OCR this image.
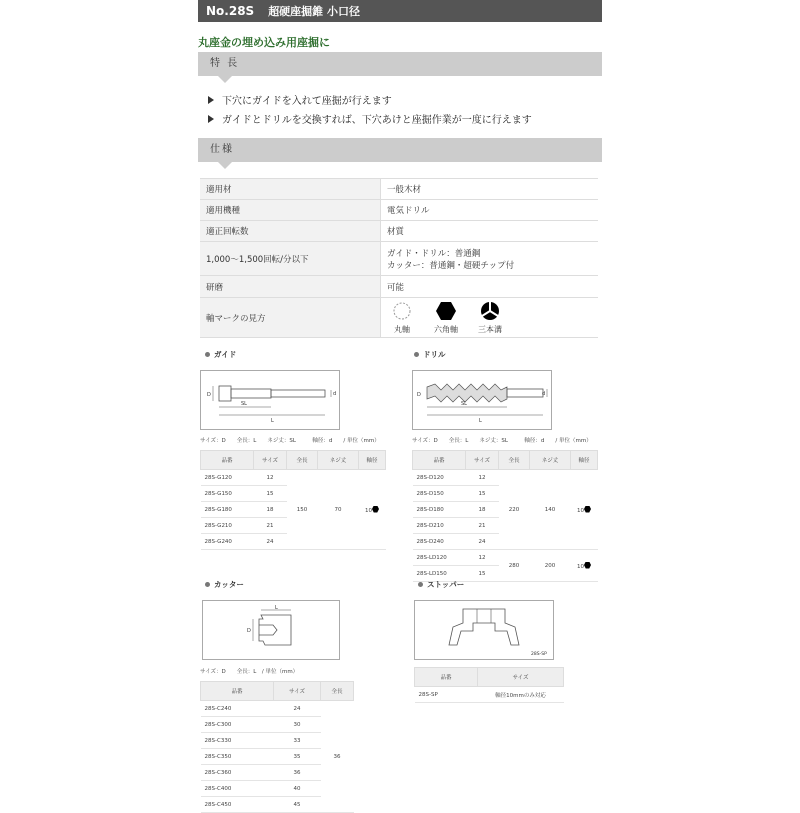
No.28S 超硬座掘錐 小口径
丸座金の埋め込み用座掘に
特 長
下穴にガイドを入れて座掘が行えます
ガイドとドリルを交換すれば、下穴あけと座掘作業が一度に行えます
仕様
適用材	一般木材
適用機種	電気ドリル
適正回転数	材質
1,000～1,500回転/分以下	ガイド・ドリル：普通鋼
カッター：普通鋼・超硬チップ付

研磨	可能
軸マークの見方	丸軸 六角軸 三本溝
ガイド
D
SL
L
d
サイズ：D　　全長：L　　ネジ丈：SL　　　軸径：d　　/ 単位（mm）
品番	サイズ	全長	ネジ丈	軸径
28S-G120	12	150	70	10
28S-G150	15			
28S-G180	18			
28S-G210	21			
28S-G240	24			
ドリル
D
SL
L
d
サイズ：D　　全長：L　　ネジ丈：SL　　　軸径：d　　/ 単位（mm）
品番	サイズ	全長	ネジ丈	軸径
28S-D120	12	220	140	10
28S-D150	15			
28S-D180	18			
28S-D210	21			
28S-D240	24			
28S-LD120	12	280	200	10
28S-LD150	15			
カッター
L
D
サイズ：D　　全長：L　/ 単位（mm）
品番	サイズ	全長
28S-C240	24	36
28S-C300	30	
28S-C330	33	
28S-C350	35	
28S-C360	36	
28S-C400	40	
28S-C450	45	
ストッパー
28S-SP
品番	サイズ
28S-SP	軸径10mmのみ対応
